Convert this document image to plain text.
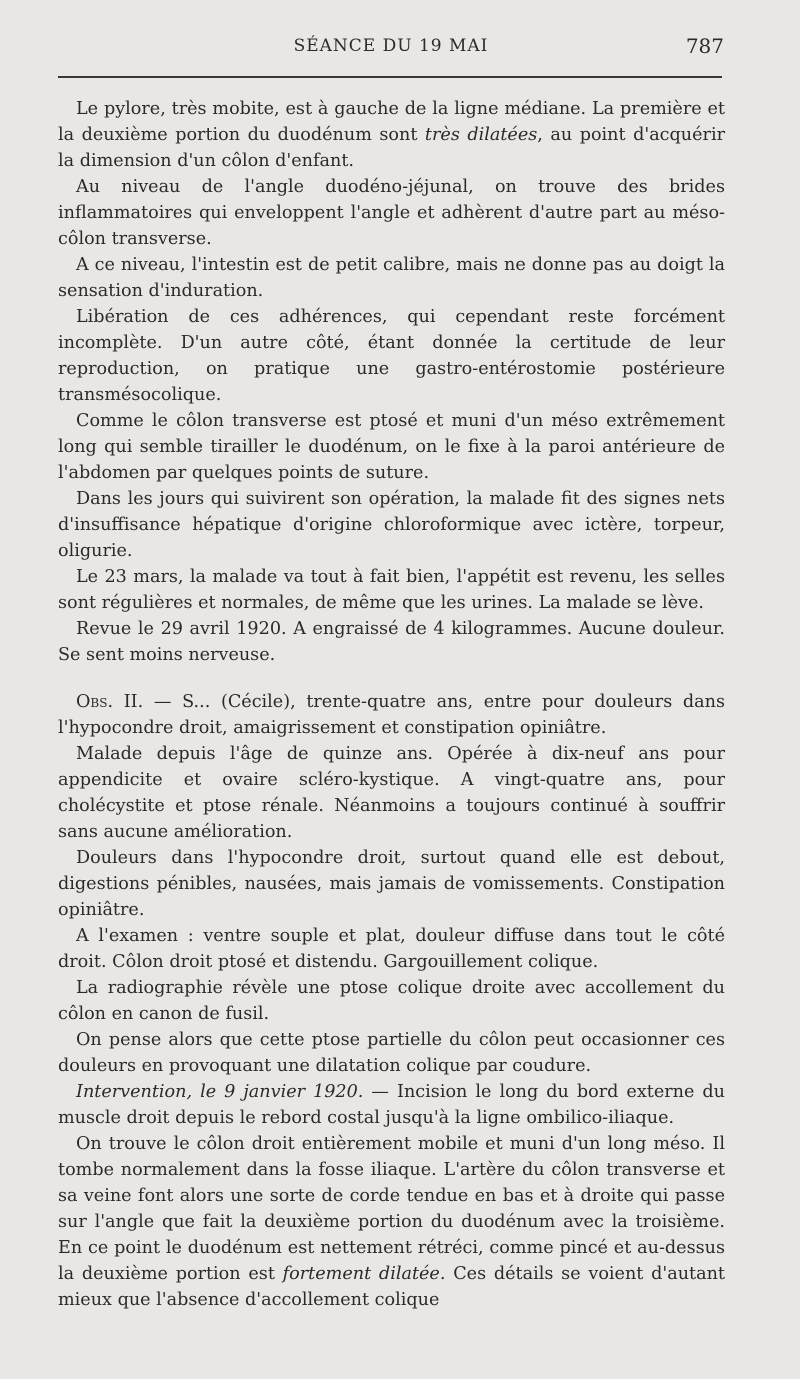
SÉANCE DU 19 MAI	787

Le pylore, très mobite, est à gauche de la ligne médiane. La première et la deuxième portion du duodénum sont très dilatées, au point d'acquérir la dimension d'un côlon d'enfant.

Au niveau de l'angle duodéno-jéjunal, on trouve des brides inflammatoires qui enveloppent l'angle et adhèrent d'autre part au méso-côlon transverse.

A ce niveau, l'intestin est de petit calibre, mais ne donne pas au doigt la sensation d'induration.

Libération de ces adhérences, qui cependant reste forcément incomplète. D'un autre côté, étant donnée la certitude de leur reproduction, on pratique une gastro-entérostomie postérieure transmésocolique.

Comme le côlon transverse est ptosé et muni d'un méso extrêmement long qui semble tirailler le duodénum, on le fixe à la paroi antérieure de l'abdomen par quelques points de suture.

Dans les jours qui suivirent son opération, la malade fit des signes nets d'insuffisance hépatique d'origine chloroformique avec ictère, torpeur, oligurie.

Le 23 mars, la malade va tout à fait bien, l'appétit est revenu, les selles sont régulières et normales, de même que les urines. La malade se lève.

Revue le 29 avril 1920. A engraissé de 4 kilogrammes. Aucune douleur. Se sent moins nerveuse.

Obs. II. — S... (Cécile), trente-quatre ans, entre pour douleurs dans l'hypocondre droit, amaigrissement et constipation opiniâtre.

Malade depuis l'âge de quinze ans. Opérée à dix-neuf ans pour appendicite et ovaire scléro-kystique. A vingt-quatre ans, pour cholécystite et ptose rénale. Néanmoins a toujours continué à souffrir sans aucune amélioration.

Douleurs dans l'hypocondre droit, surtout quand elle est debout, digestions pénibles, nausées, mais jamais de vomissements. Constipation opiniâtre.

A l'examen : ventre souple et plat, douleur diffuse dans tout le côté droit. Côlon droit ptosé et distendu. Gargouillement colique.

La radiographie révèle une ptose colique droite avec accollement du côlon en canon de fusil.

On pense alors que cette ptose partielle du côlon peut occasionner ces douleurs en provoquant une dilatation colique par coudure.

Intervention, le 9 janvier 1920. — Incision le long du bord externe du muscle droit depuis le rebord costal jusqu'à la ligne ombilico-iliaque.

On trouve le côlon droit entièrement mobile et muni d'un long méso. Il tombe normalement dans la fosse iliaque. L'artère du côlon transverse et sa veine font alors une sorte de corde tendue en bas et à droite qui passe sur l'angle que fait la deuxième portion du duodénum avec la troisième. En ce point le duodénum est nettement rétréci, comme pincé et au-dessus la deuxième portion est fortement dilatée. Ces détails se voient d'autant mieux que l'absence d'accollement colique
